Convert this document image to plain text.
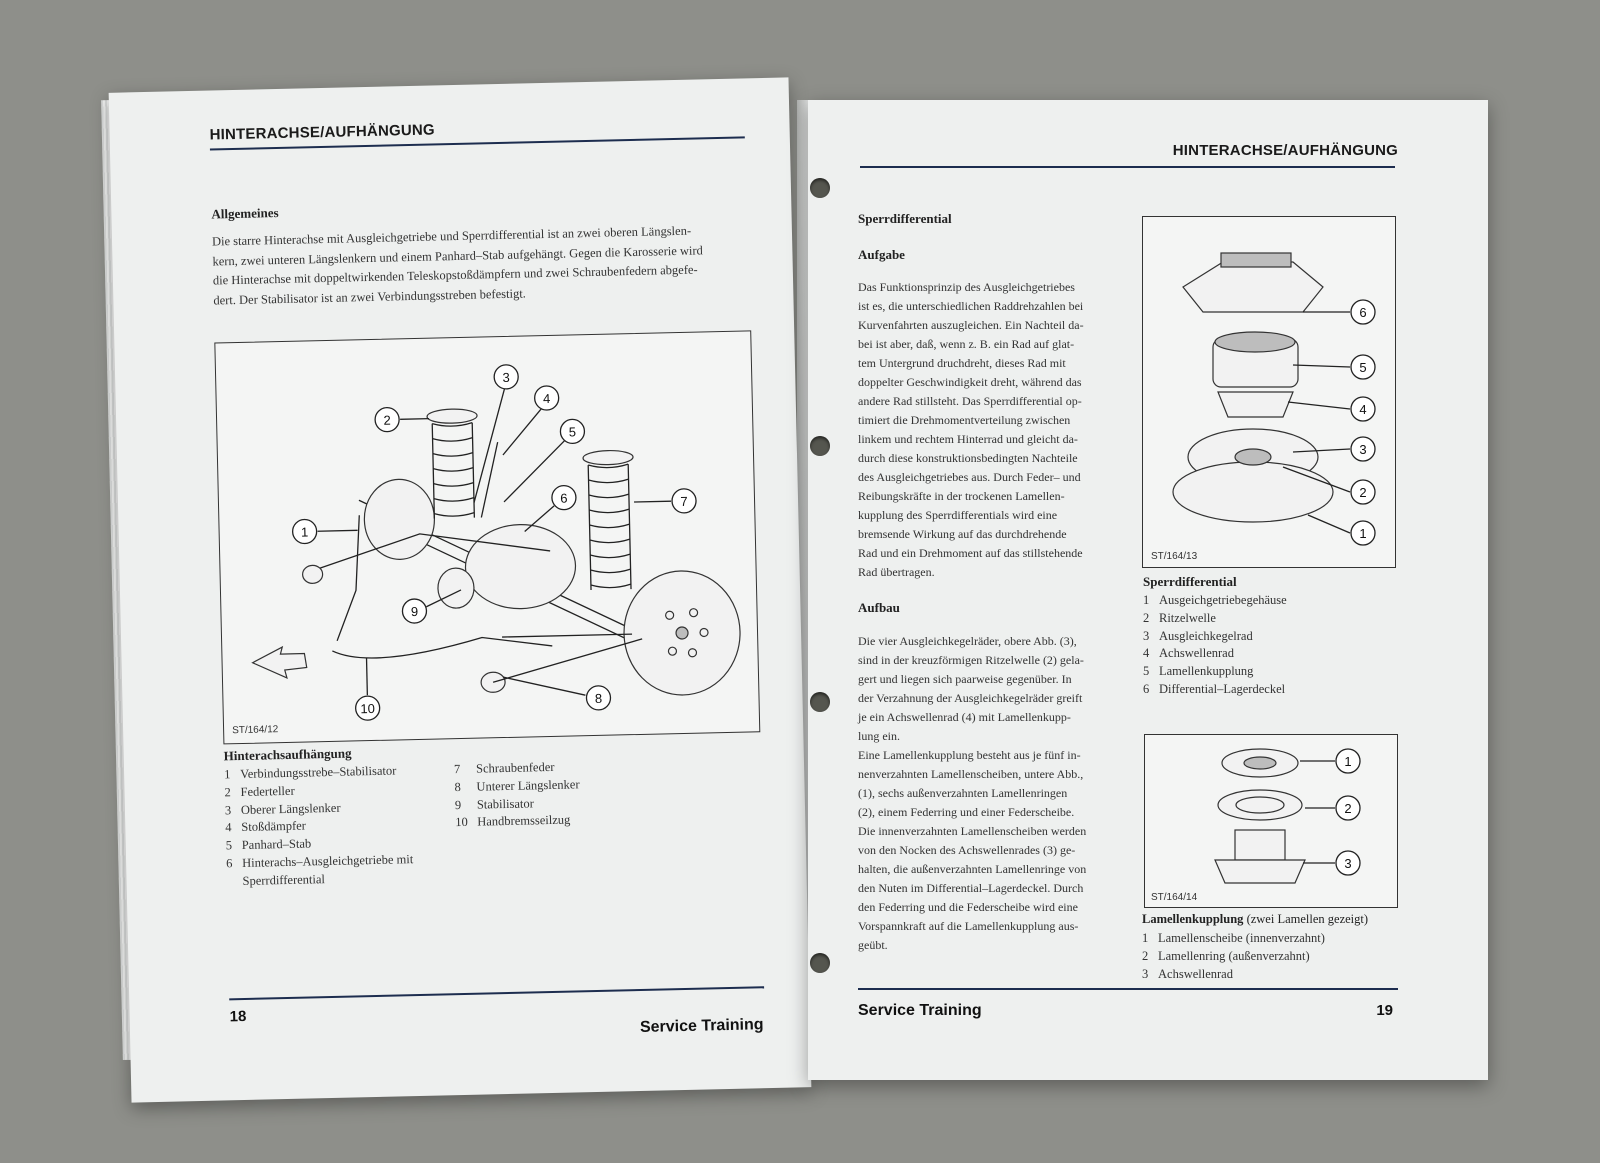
HINTERACHSE/AUFHÄNGUNG
Allgemeines
Die starre Hinterachse mit Ausgleichgetriebe und Sperrdifferential ist an zwei oberen Längslen-
kern, zwei unteren Längslenkern und einem Panhard–Stab aufgehängt. Gegen die Karosserie wird
die Hinterachse mit doppeltwirkenden Teleskopstoßdämpfern und zwei Schraubenfedern abgefe-
dert. Der Stabilisator ist an zwei Verbindungsstreben befestigt.
1
2
3
4
5
6	7
8
9
10
ST/164/12
Hinterachsaufhängung
1 Verbindungsstrebe–Stabilisator
2 Federteller
3 Oberer Längslenker
4 Stoßdämpfer
5 Panhard–Stab
6 Hinterachs–Ausgleichgetriebe mit
Sperrdifferential
7	Schraubenfeder
8	Unterer Längslenker
9	Stabilisator
10 Handbremsseilzug
18	Service Training
HINTERACHSE/AUFHÄNGUNG
Sperrdifferential
Aufgabe
Das Funktionsprinzip des Ausgleichgetriebes
ist es, die unterschiedlichen Raddrehzahlen bei
Kurvenfahrten auszugleichen. Ein Nachteil da-
bei ist aber, daß, wenn z. B. ein Rad auf glat-
tem Untergrund druchdreht, dieses Rad mit
doppelter Geschwindigkeit dreht, während das
andere Rad stillsteht. Das Sperrdifferential op-
timiert die Drehmomentverteilung zwischen
linkem und rechtem Hinterrad und gleicht da-
durch diese konstruktionsbedingten Nachteile
des Ausgleichgetriebes aus. Durch Feder– und
Reibungskräfte in der trockenen Lamellen-
kupplung des Sperrdifferentials wird eine
bremsende Wirkung auf das durchdrehende
Rad und ein Drehmoment auf das stillstehende
Rad übertragen.
Aufbau
Die vier Ausgleichkegelräder, obere Abb. (3),
sind in der kreuzförmigen Ritzelwelle (2) gela-
gert und liegen sich paarweise gegenüber. In
der Verzahnung der Ausgleichkegelräder greift
je ein Achswellenrad (4) mit Lamellenkupp-
lung ein.
Eine Lamellenkupplung besteht aus je fünf in-
nenverzahnten Lamellenscheiben, untere Abb.,
(1), sechs außenverzahnten Lamellenringen
(2), einem Federring und einer Federscheibe.
Die innenverzahnten Lamellenscheiben werden
von den Nocken des Achswellenrades (3) ge-
halten, die außenverzahnten Lamellenringe von
den Nuten im Differential–Lagerdeckel. Durch
den Federring und die Federscheibe wird eine
Vorspannkraft auf die Lamellenkupplung aus-
geübt.
6
5
4
3
2
1
ST/164/13
Sperrdifferential
1 Ausgeichgetriebegehäuse
2 Ritzelwelle
3 Ausgleichkegelrad
4 Achswellenrad
5 Lamellenkupplung
6 Differential–Lagerdeckel
1
2
3
ST/164/14
Lamellenkupplung (zwei Lamellen gezeigt)
1 Lamellenscheibe (innenverzahnt)
2 Lamellenring (außenverzahnt)
3 Achswellenrad
Service Training	19
